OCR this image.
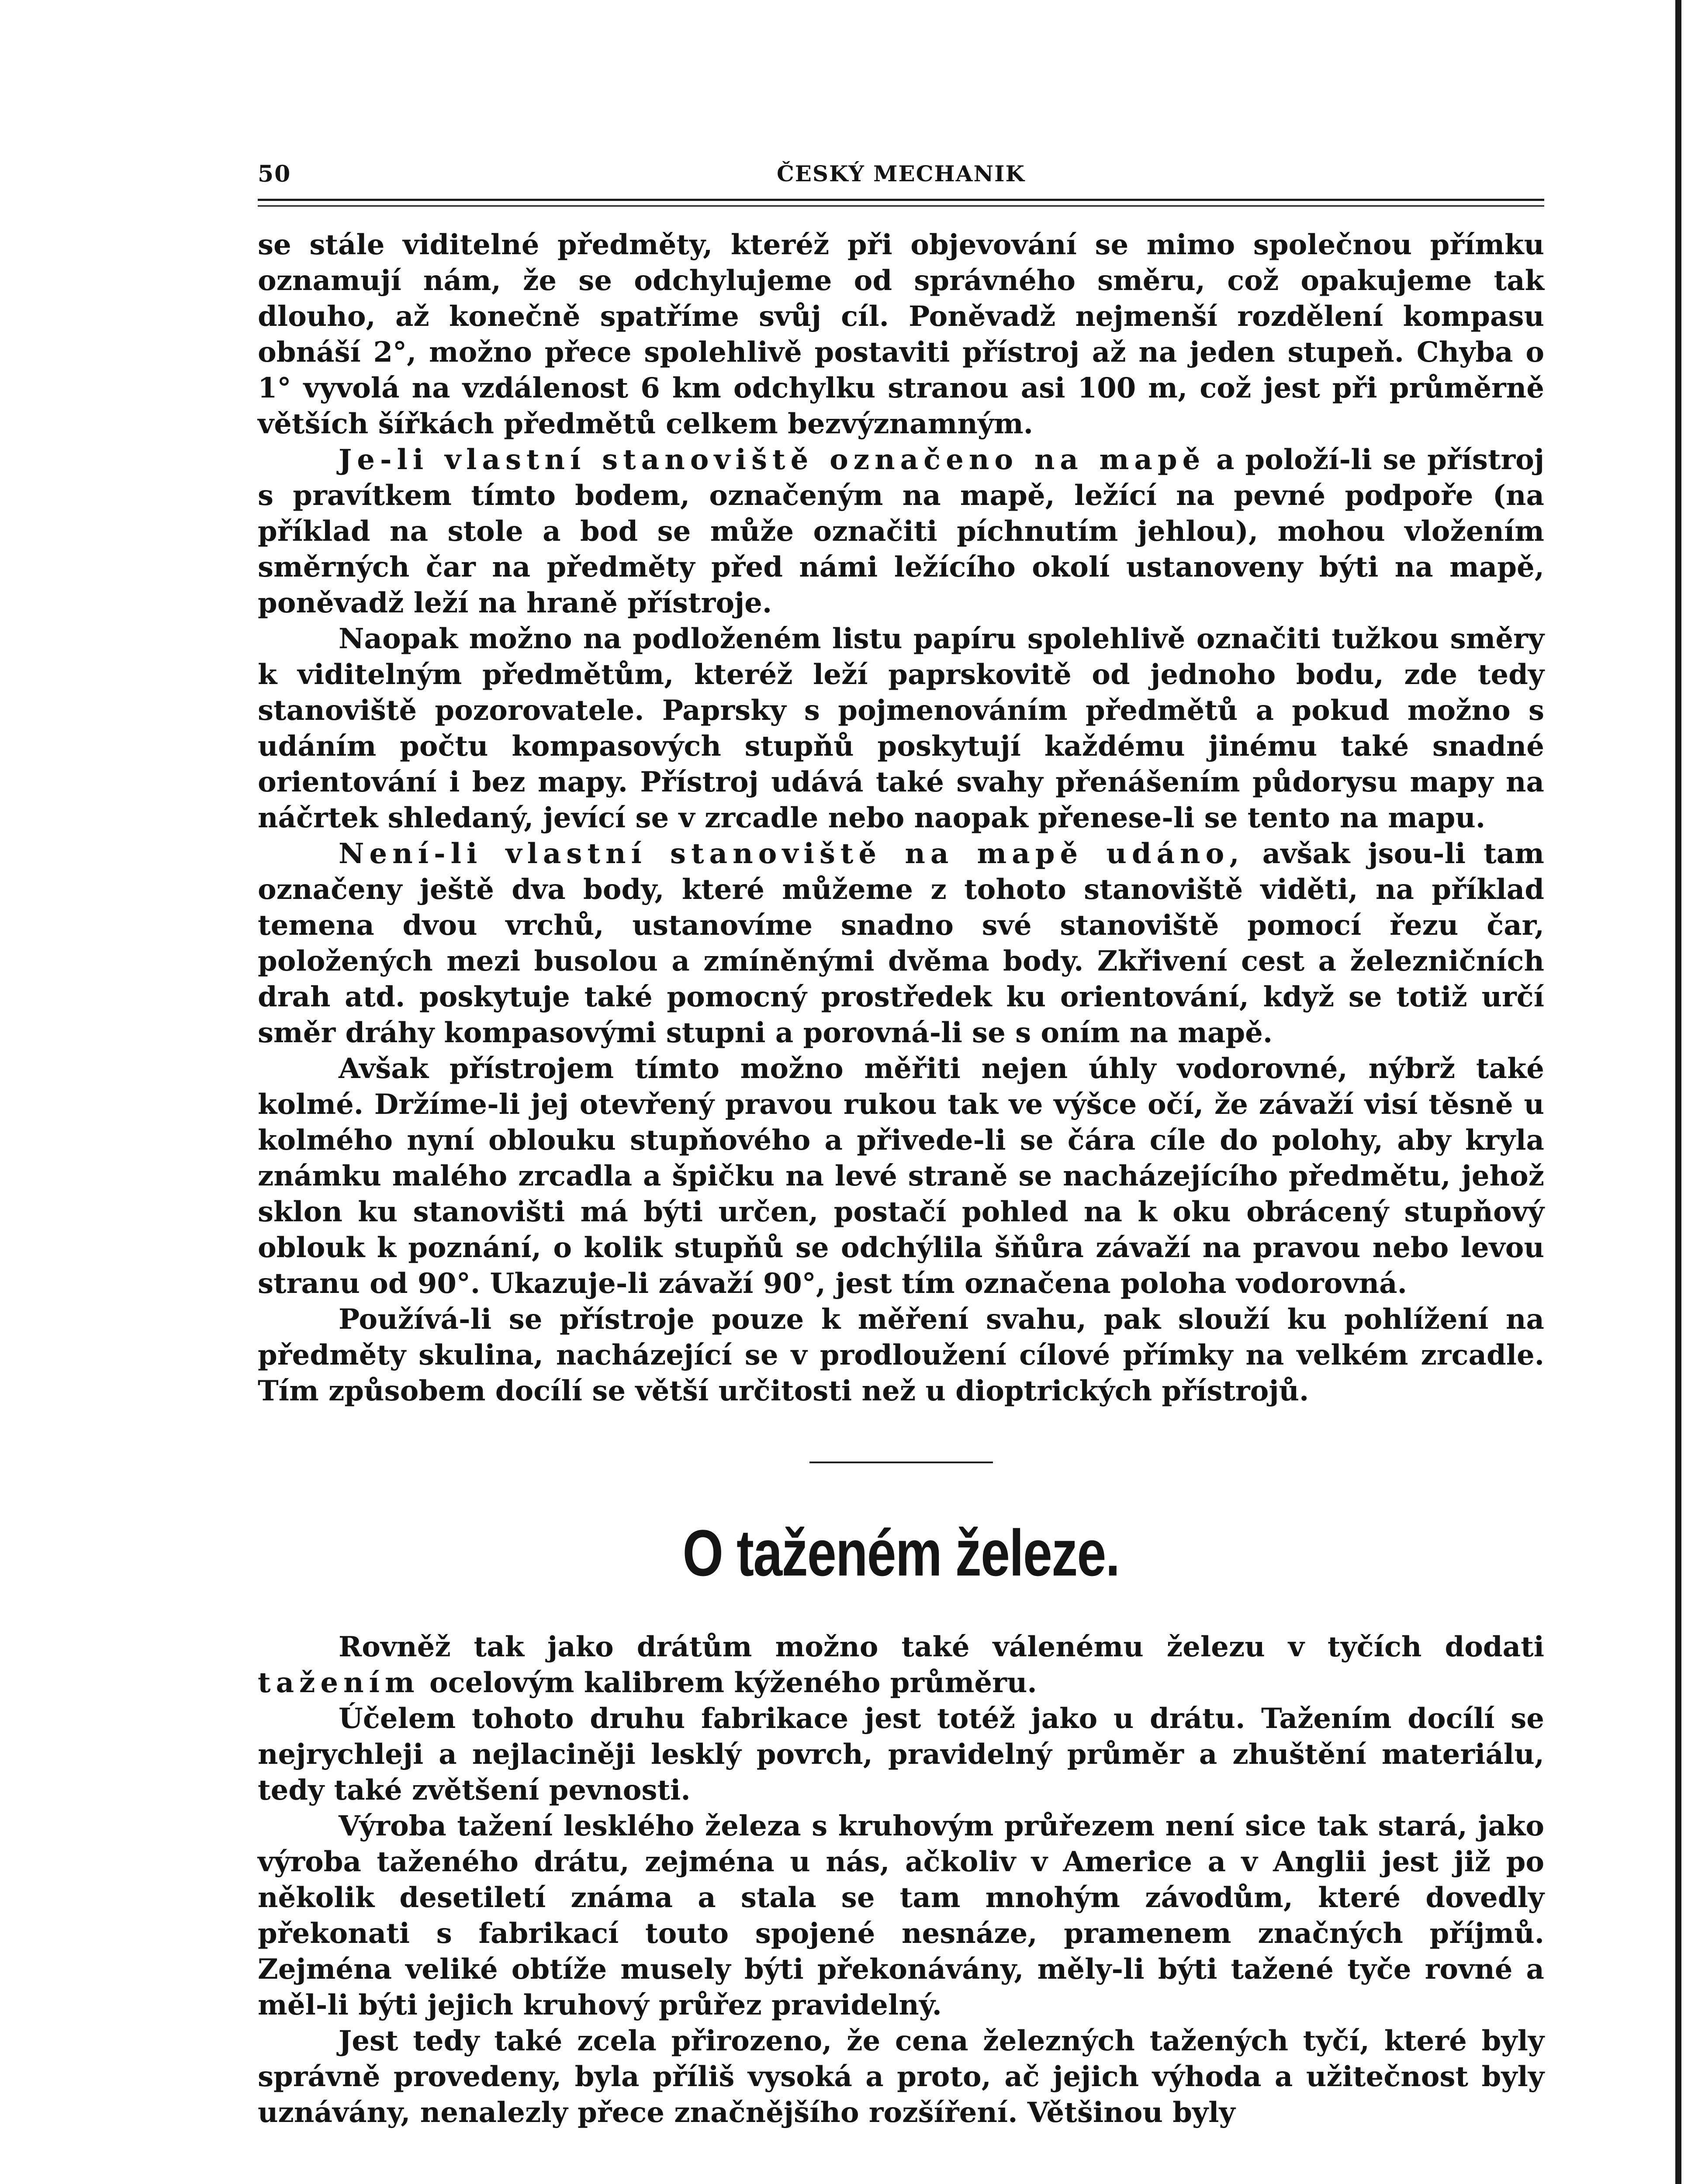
50	ČESKÝ MECHANIK

se stále viditelné předměty, kteréž při objevování se mimo společnou přímku oznamují nám, že se odchylujeme od správného směru, což opakujeme tak dlouho, až konečně spatříme svůj cíl. Poněvadž nejmenší rozdělení kompasu obnáší 2°, možno přece spolehlivě postaviti přístroj až na jeden stupeň. Chyba o 1° vyvolá na vzdálenost 6 km odchylku stranou asi 100 m, což jest při průměrně větších šířkách předmětů celkem bezvýznamným.

Je-li vlastní stanoviště označeno na mapě a položí-li se přístroj s pravítkem tímto bodem, označeným na mapě, ležící na pevné podpoře (na příklad na stole a bod se může označiti píchnutím jehlou), mohou vložením směrných čar na předměty před námi ležícího okolí ustanoveny býti na mapě, poněvadž leží na hraně přístroje.

Naopak možno na podloženém listu papíru spolehlivě označiti tužkou směry k viditelným předmětům, kteréž leží paprskovitě od jednoho bodu, zde tedy stanoviště pozorovatele. Paprsky s pojmenováním předmětů a pokud možno s udáním počtu kompasových stupňů poskytují každému jinému také snadné orientování i bez mapy. Přístroj udává také svahy přenášením půdorysu mapy na náčrtek shledaný, jevící se v zrcadle nebo naopak přenese-li se tento na mapu.

Není-li vlastní stanoviště na mapě udáno, avšak jsou-li tam označeny ještě dva body, které můžeme z tohoto stanoviště viděti, na příklad temena dvou vrchů, ustanovíme snadno své stanoviště pomocí řezu čar, položených mezi busolou a zmíněnými dvěma body. Zkřivení cest a železničních drah atd. poskytuje také pomocný prostředek ku orientování, když se totiž určí směr dráhy kompasovými stupni a porovná-li se s oním na mapě.

Avšak přístrojem tímto možno měřiti nejen úhly vodorovné, nýbrž také kolmé. Držíme-li jej otevřený pravou rukou tak ve výšce očí, že závaží visí těsně u kolmého nyní oblouku stupňového a přivede-li se čára cíle do polohy, aby kryla známku malého zrcadla a špičku na levé straně se nacházejícího předmětu, jehož sklon ku stanovišti má býti určen, postačí pohled na k oku obrácený stupňový oblouk k poznání, o kolik stupňů se odchýlila šňůra závaží na pravou nebo levou stranu od 90°. Ukazuje-li závaží 90°, jest tím označena poloha vodorovná.

Používá-li se přístroje pouze k měření svahu, pak slouží ku pohlížení na předměty skulina, nacházející se v prodloužení cílové přímky na velkém zrcadle. Tím způsobem docílí se větší určitosti než u dioptrických přístrojů.

O taženém železe.

Rovněž tak jako drátům možno také válenému železu v tyčích dodati tažením ocelovým kalibrem kýženého průměru.

Účelem tohoto druhu fabrikace jest totéž jako u drátu. Tažením docílí se nejrychleji a nejlaciněji lesklý povrch, pravidelný průměr a zhuštění materiálu, tedy také zvětšení pevnosti.

Výroba tažení lesklého železa s kruhovým průřezem není sice tak stará, jako výroba taženého drátu, zejména u nás, ačkoliv v Americe a v Anglii jest již po několik desetiletí známa a stala se tam mnohým závodům, které dovedly překonati s fabrikací touto spojené nesnáze, pramenem značných příjmů. Zejména veliké obtíže musely býti překonávány, měly-li býti tažené tyče rovné a měl-li býti jejich kruhový průřez pravidelný.

Jest tedy také zcela přirozeno, že cena železných tažených tyčí, které byly správně provedeny, byla příliš vysoká a proto, ač jejich výhoda a užitečnost byly uznávány, nenalezly přece značnějšího rozšíření. Většinou byly
